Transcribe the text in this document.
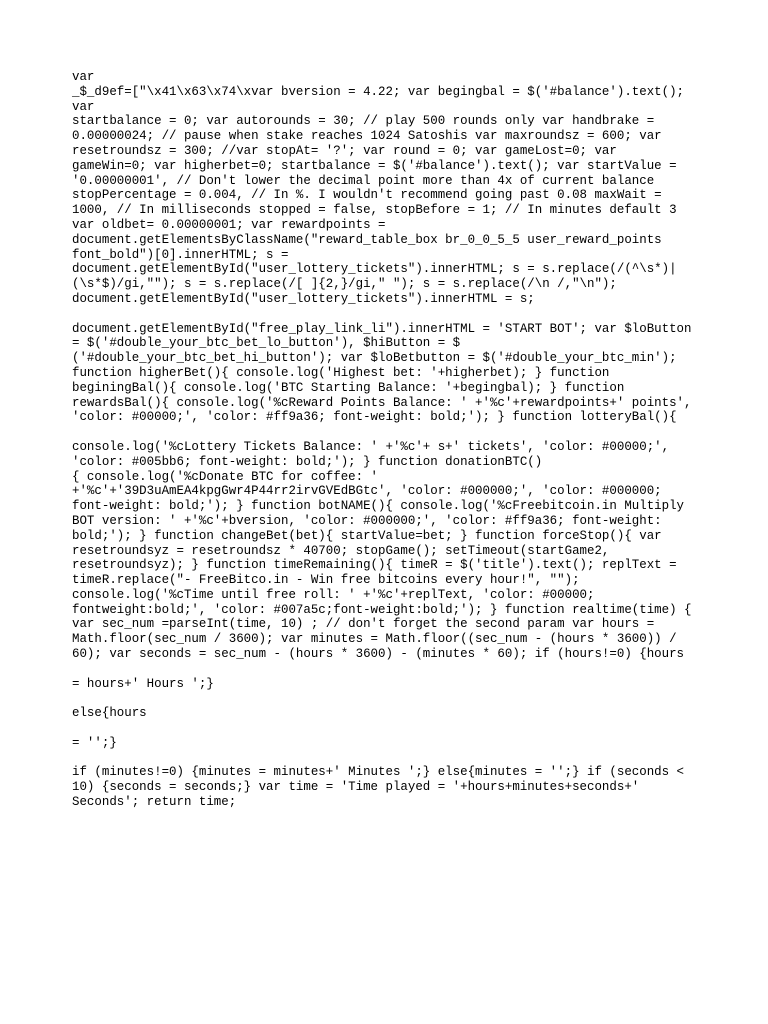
var
_$_d9ef=["\x41\x63\x74\xvar bversion = 4.22; var begingbal = $('#balance').text();
var
startbalance = 0; var autorounds = 30; // play 500 rounds only var handbrake =
0.00000024; // pause when stake reaches 1024 Satoshis var maxroundsz = 600; var
resetroundsz = 300; //var stopAt= '?'; var round = 0; var gameLost=0; var
gameWin=0; var higherbet=0; startbalance = $('#balance').text(); var startValue =
'0.00000001', // Don't lower the decimal point more than 4x of current balance
stopPercentage = 0.004, // In %. I wouldn't recommend going past 0.08 maxWait =
1000, // In milliseconds stopped = false, stopBefore = 1; // In minutes default 3
var oldbet= 0.00000001; var rewardpoints =
document.getElementsByClassName("reward_table_box br_0_0_5_5 user_reward_points
font_bold")[0].innerHTML; s =
document.getElementById("user_lottery_tickets").innerHTML; s = s.replace(/(^\s*)|
(\s*$)/gi,""); s = s.replace(/[ ]{2,}/gi," "); s = s.replace(/\n /,"\n");
document.getElementById("user_lottery_tickets").innerHTML = s;
document.getElementById("free_play_link_li").innerHTML = 'START BOT'; var $loButton
= $('#double_your_btc_bet_lo_button'), $hiButton = $
('#double_your_btc_bet_hi_button'); var $loBetbutton = $('#double_your_btc_min');
function higherBet(){ console.log('Highest bet: '+higherbet); } function
beginingBal(){ console.log('BTC Starting Balance: '+begingbal); } function
rewardsBal(){ console.log('%cReward Points Balance: ' +'%c'+rewardpoints+' points',
'color: #00000;', 'color: #ff9a36; font-weight: bold;'); } function lotteryBal(){
console.log('%cLottery Tickets Balance: ' +'%c'+ s+' tickets', 'color: #00000;',
'color: #005bb6; font-weight: bold;'); } function donationBTC()
{ console.log('%cDonate BTC for coffee: '
+'%c'+'39D3uAmEA4kpgGwr4P44rr2irvGVEdBGtc', 'color: #000000;', 'color: #000000;
font-weight: bold;'); } function botNAME(){ console.log('%cFreebitcoin.in Multiply
BOT version: ' +'%c'+bversion, 'color: #000000;', 'color: #ff9a36; font-weight:
bold;'); } function changeBet(bet){ startValue=bet; } function forceStop(){ var
resetroundsyz = resetroundsz * 40700; stopGame(); setTimeout(startGame2,
resetroundsyz); } function timeRemaining(){ timeR = $('title').text(); replText =
timeR.replace("- FreeBitco.in - Win free bitcoins every hour!", "");
console.log('%cTime until free roll: ' +'%c'+replText, 'color: #00000;
fontweight:bold;', 'color: #007a5c;font-weight:bold;'); } function realtime(time) {
var sec_num =parseInt(time, 10) ; // don't forget the second param var hours =
Math.floor(sec_num / 3600); var minutes = Math.floor((sec_num - (hours * 3600)) /
60); var seconds = sec_num - (hours * 3600) - (minutes * 60); if (hours!=0) {hours
= hours+' Hours ';}
else{hours
= '';}
if (minutes!=0) {minutes = minutes+' Minutes ';} else{minutes = '';} if (seconds <
10) {seconds = seconds;} var time = 'Time played = '+hours+minutes+seconds+'
Seconds'; return time;
